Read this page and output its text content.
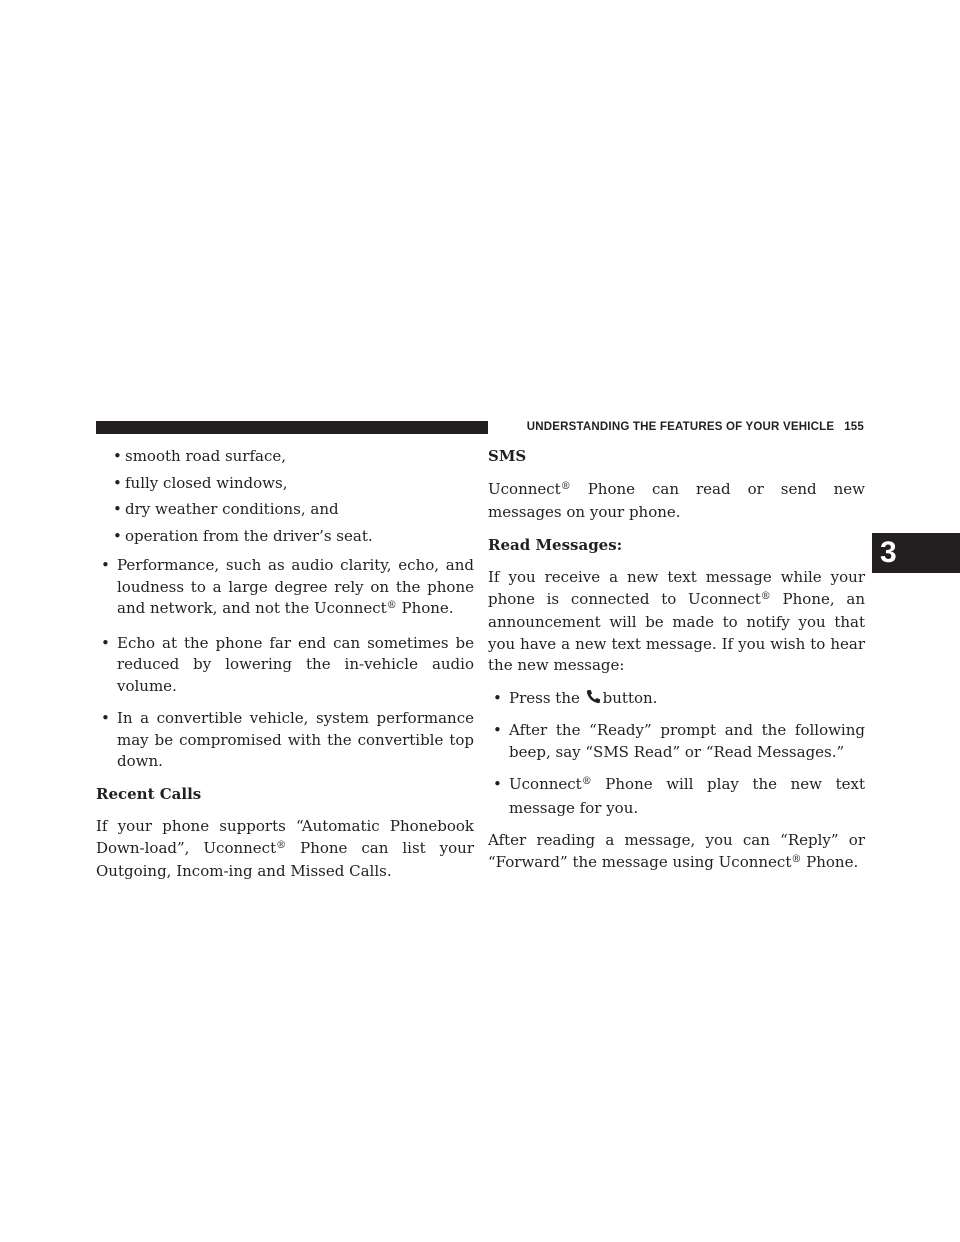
UNDERSTANDING THE FEATURES OF YOUR VEHICLE 155
3
• smooth road surface,
• fully closed windows,
• dry weather conditions, and
• operation from the driver’s seat.
• Performance, such as audio clarity, echo, and loudness to a large degree rely on the phone and network, and not the Uconnect® Phone.
• Echo at the phone far end can sometimes be reduced by lowering the in-vehicle audio volume.
• In a convertible vehicle, system performance may be compromised with the convertible top down.
Recent Calls
If your phone supports “Automatic Phonebook Down-load”, Uconnect® Phone can list your Outgoing, Incom-ing and Missed Calls.
SMS
Uconnect® Phone can read or send new messages on your phone.
Read Messages:
If you receive a new text message while your phone is connected to Uconnect® Phone, an announcement will be made to notify you that you have a new text message. If you wish to hear the new message:
• Press the button.
• After the “Ready” prompt and the following beep, say “SMS Read” or “Read Messages.”
• Uconnect® Phone will play the new text message for you.
After reading a message, you can “Reply” or “Forward” the message using Uconnect® Phone.
